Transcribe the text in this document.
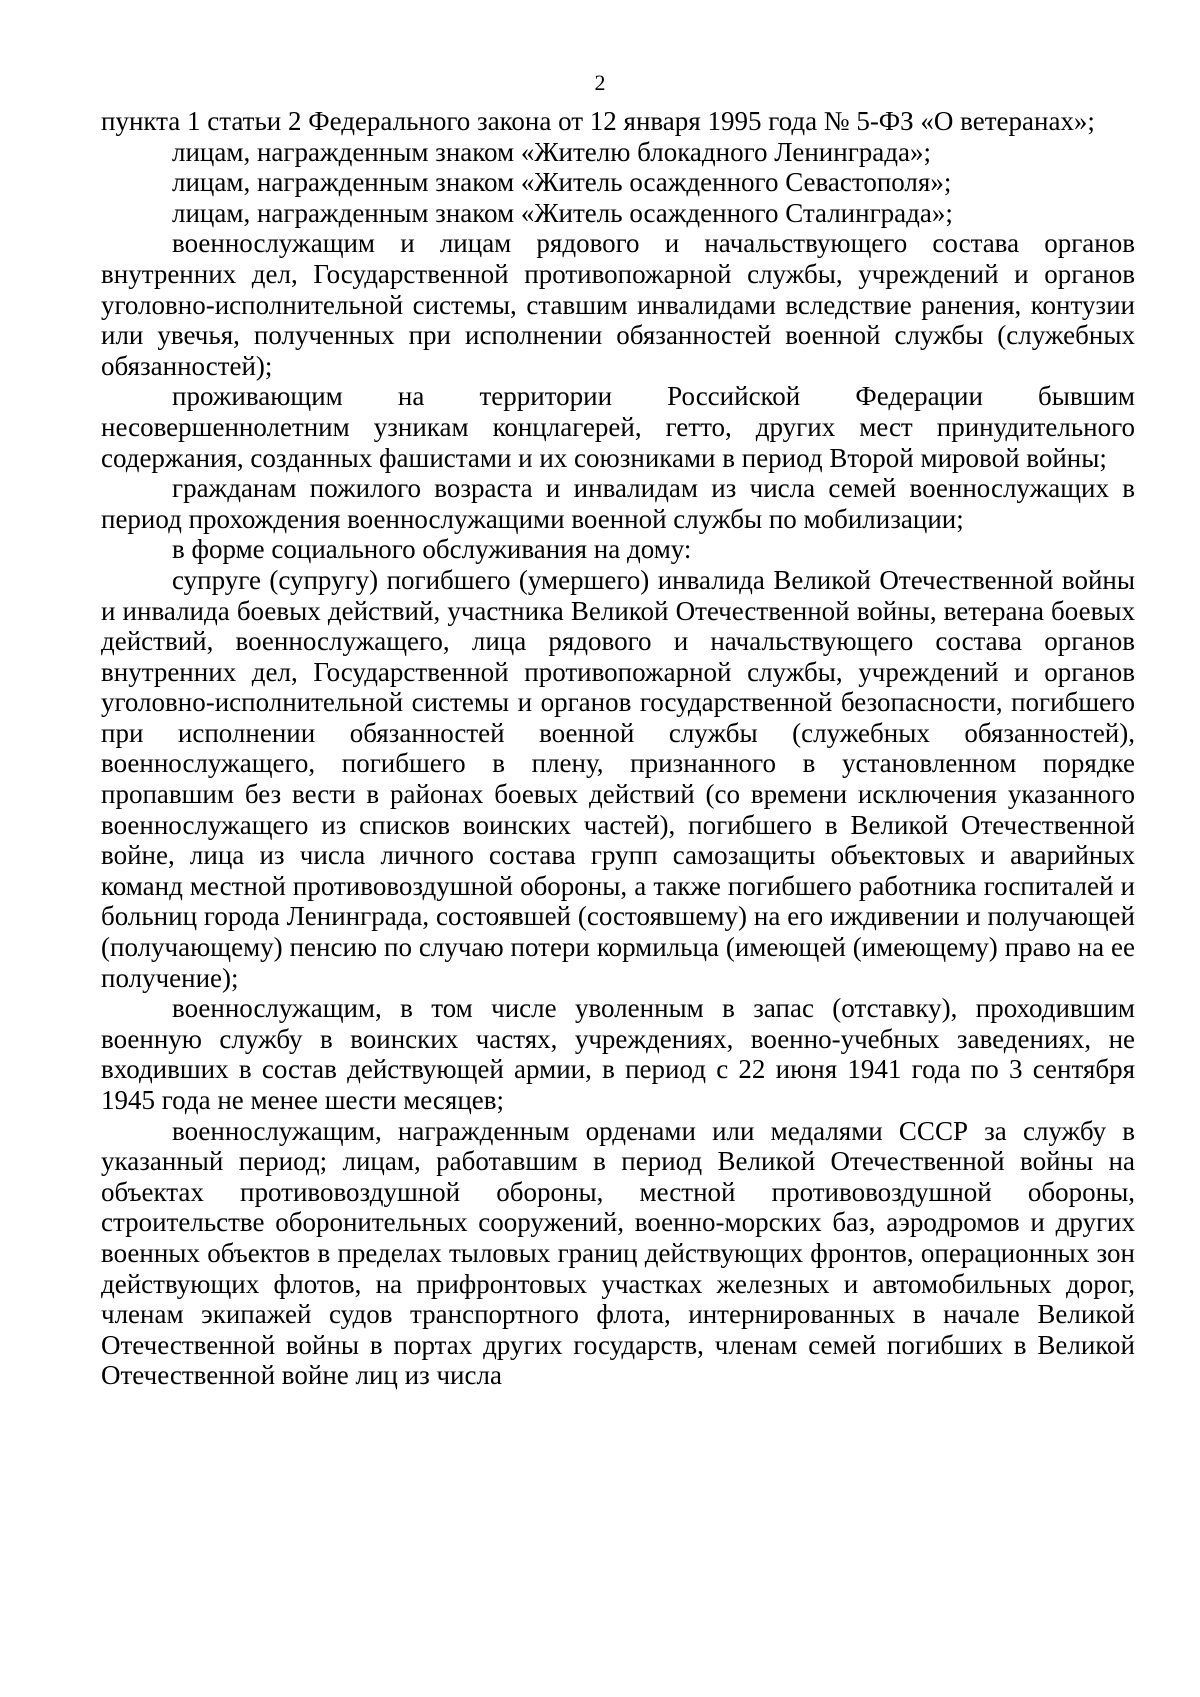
2

пункта 1 статьи 2 Федерального закона от 12 января 1995 года № 5-ФЗ «О ветеранах»;

лицам, награжденным знаком «Жителю блокадного Ленинграда»;

лицам, награжденным знаком «Житель осажденного Севастополя»;

лицам, награжденным знаком «Житель осажденного Сталинграда»;

военнослужащим и лицам рядового и начальствующего состава органов внутренних дел, Государственной противопожарной службы, учреждений и органов уголовно-исполнительной системы, ставшим инвалидами вследствие ранения, контузии или увечья, полученных при исполнении обязанностей военной службы (служебных обязанностей);

проживающим на территории Российской Федерации бывшим несовершеннолетним узникам концлагерей, гетто, других мест принудительного содержания, созданных фашистами и их союзниками в период Второй мировой войны;

гражданам пожилого возраста и инвалидам из числа семей военнослужащих в период прохождения военнослужащими военной службы по мобилизации;

в форме социального обслуживания на дому:

супруге (супругу) погибшего (умершего) инвалида Великой Отечественной войны и инвалида боевых действий, участника Великой Отечественной войны, ветерана боевых действий, военнослужащего, лица рядового и начальствующего состава органов внутренних дел, Государственной противопожарной службы, учреждений и органов уголовно-исполнительной системы и органов государственной безопасности, погибшего при исполнении обязанностей военной службы (служебных обязанностей), военнослужащего, погибшего в плену, признанного в установленном порядке пропавшим без вести в районах боевых действий (со времени исключения указанного военнослужащего из списков воинских частей), погибшего в Великой Отечественной войне, лица из числа личного состава групп самозащиты объектовых и аварийных команд местной противовоздушной обороны, а также погибшего работника госпиталей и больниц города Ленинграда, состоявшей (состоявшему) на его иждивении и получающей (получающему) пенсию по случаю потери кормильца (имеющей (имеющему) право на ее получение);

военнослужащим, в том числе уволенным в запас (отставку), проходившим военную службу в воинских частях, учреждениях, военно-учебных заведениях, не входивших в состав действующей армии, в период с 22 июня 1941 года по 3 сентября 1945 года не менее шести месяцев;

военнослужащим, награжденным орденами или медалями СССР за службу в указанный период; лицам, работавшим в период Великой Отечественной войны на объектах противовоздушной обороны, местной противовоздушной обороны, строительстве оборонительных сооружений, военно-морских баз, аэродромов и других военных объектов в пределах тыловых границ действующих фронтов, операционных зон действующих флотов, на прифронтовых участках железных и автомобильных дорог, членам экипажей судов транспортного флота, интернированных в начале Великой Отечественной войны в портах других государств, членам семей погибших в Великой Отечественной войне лиц из числа
